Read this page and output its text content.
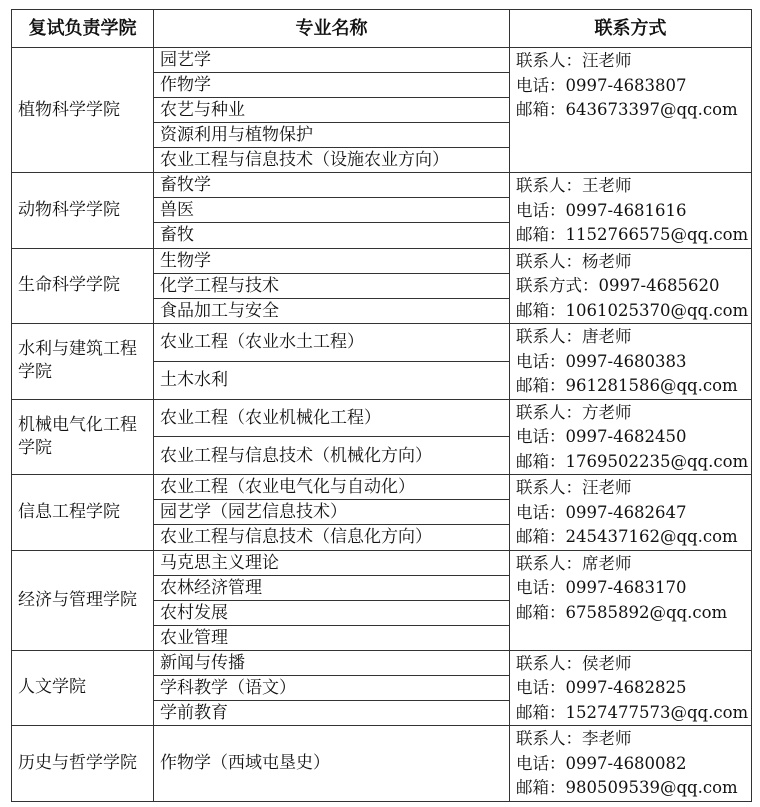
复试负责学院	专业名称	联系方式
植物科学学院	园艺学	联系人：汪老师
电话：0997-4683807
邮箱：643673397@qq.com

	作物学	
	农艺与种业	
	资源利用与植物保护	
	农业工程与信息技术（设施农业方向）	
动物科学学院	畜牧学	联系人：王老师
电话：0997-4681616
邮箱：1152766575@qq.com

	兽医	
	畜牧	
生命科学学院	生物学	联系人：杨老师
联系方式：0997-4685620
邮箱：1061025370@qq.com

	化学工程与技术	
	食品加工与安全	
水利与建筑工程学院	农业工程（农业水土工程）	联系人：唐老师
电话：0997-4680383
邮箱：961281586@qq.com

	土木水利	
机械电气化工程学院	农业工程（农业机械化工程）	联系人：方老师
电话：0997-4682450
邮箱：1769502235@qq.com

	农业工程与信息技术（机械化方向）	
信息工程学院	农业工程（农业电气化与自动化）	联系人：汪老师
电话：0997-4682647
邮箱：245437162@qq.com

	园艺学（园艺信息技术）	
	农业工程与信息技术（信息化方向）	
经济与管理学院	马克思主义理论	联系人：席老师
电话：0997-4683170
邮箱：67585892@qq.com

	农林经济管理	
	农村发展	
	农业管理	
人文学院	新闻与传播	联系人：侯老师
电话：0997-4682825
邮箱：1527477573@qq.com

	学科教学（语文）	
	学前教育	
历史与哲学学院	作物学（西域屯垦史）	联系人：李老师
电话：0997-4680082
邮箱：980509539@qq.com
